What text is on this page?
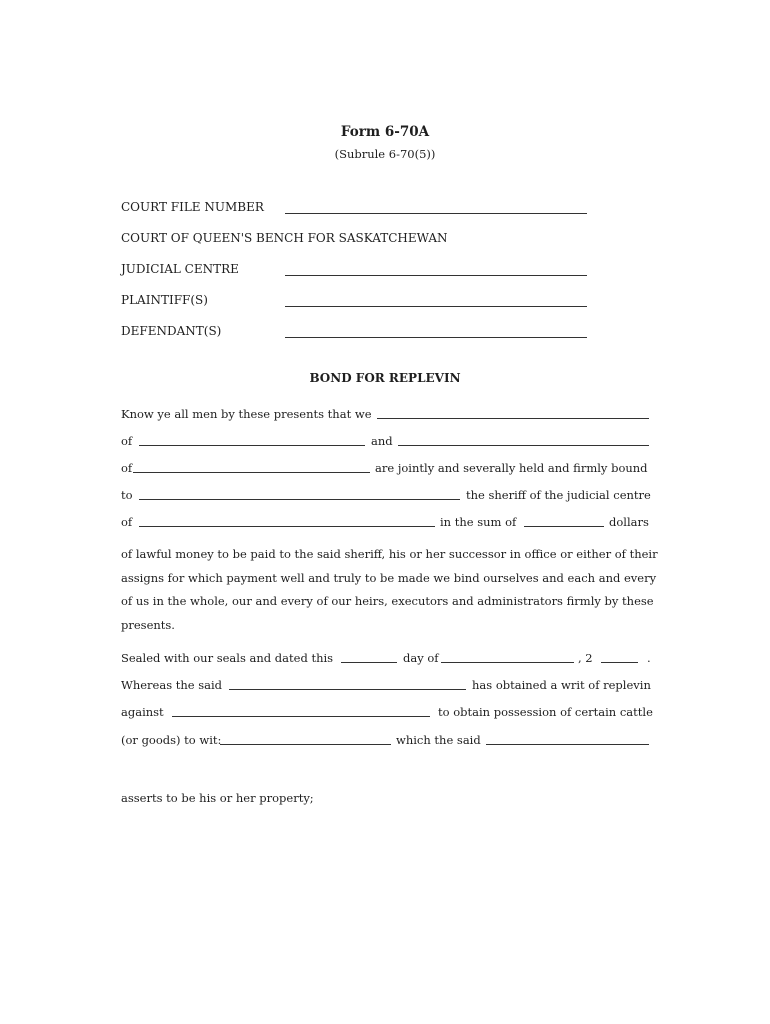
Form 6-70A
(Subrule 6-70(5))
COURT FILE NUMBER
COURT OF QUEEN'S BENCH FOR SASKATCHEWAN
JUDICIAL CENTRE
PLAINTIFF(S)
DEFENDANT(S)
BOND FOR REPLEVIN
Know ye all men by these presents that we
of	and
of	are jointly and severally held and firmly bound
to	the sheriff of the judicial centre
of	in the sum of	dollars
of lawful money to be paid to the said sheriff, his or her successor in office or either of their
assigns for which payment well and truly to be made we bind ourselves and each and every
of us in the whole, our and every of our heirs, executors and administrators firmly by these
presents.
Sealed with our seals and dated this	day of	, 2	.
Whereas the said	has obtained a writ of replevin
against	to obtain possession of certain cattle
(or goods) to wit:	which the said
asserts to be his or her property;
